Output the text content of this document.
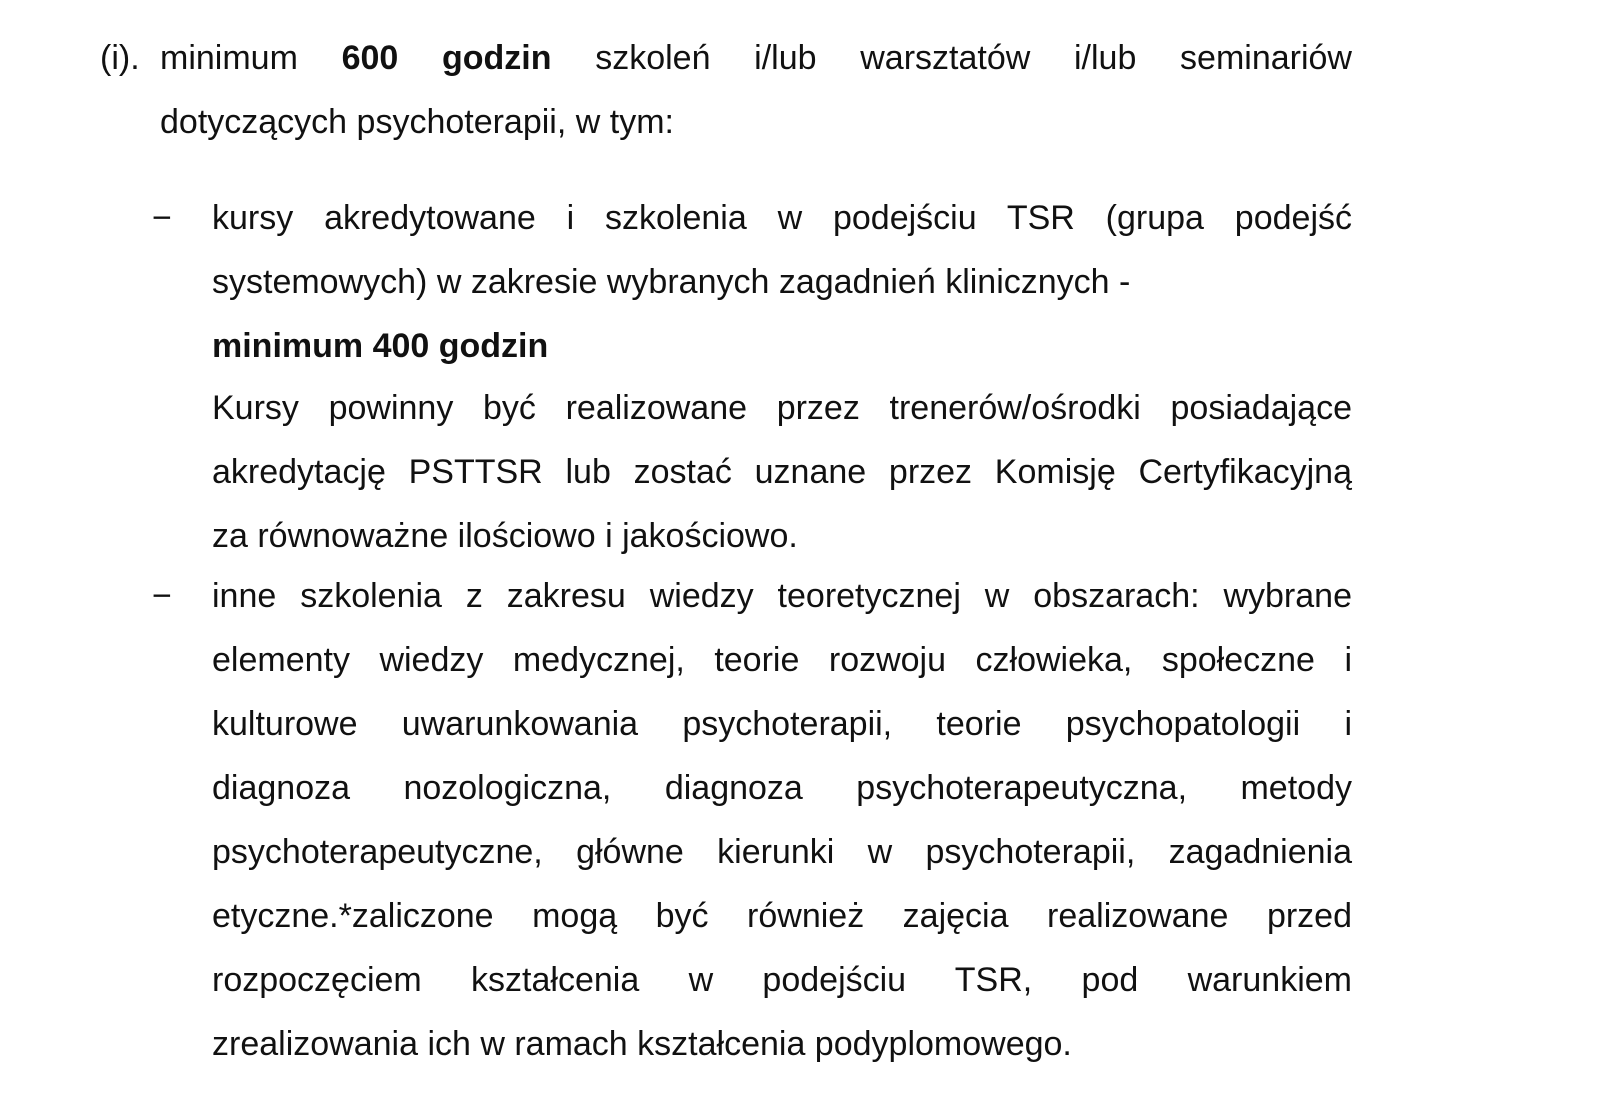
(i). minimum 600 godzin szkoleń i/lub warsztatów i/lub seminariów
dotyczących psychoterapii, w tym:
− kursy akredytowane i szkolenia w podejściu TSR (grupa podejść
systemowych) w zakresie wybranych zagadnień klinicznych -
minimum 400 godzin
Kursy powinny być realizowane przez trenerów/ośrodki posiadające
akredytację PSTTSR lub zostać uznane przez Komisję Certyfikacyjną
za równoważne ilościowo i jakościowo.
− inne szkolenia z zakresu wiedzy teoretycznej w obszarach: wybrane
elementy wiedzy medycznej, teorie rozwoju człowieka, społeczne i
kulturowe uwarunkowania psychoterapii, teorie psychopatologii i
diagnoza nozologiczna, diagnoza psychoterapeutyczna, metody
psychoterapeutyczne, główne kierunki w psychoterapii, zagadnienia
etyczne.*zaliczone mogą być również zajęcia realizowane przed
rozpoczęciem kształcenia w podejściu TSR, pod warunkiem
zrealizowania ich w ramach kształcenia podyplomowego.
